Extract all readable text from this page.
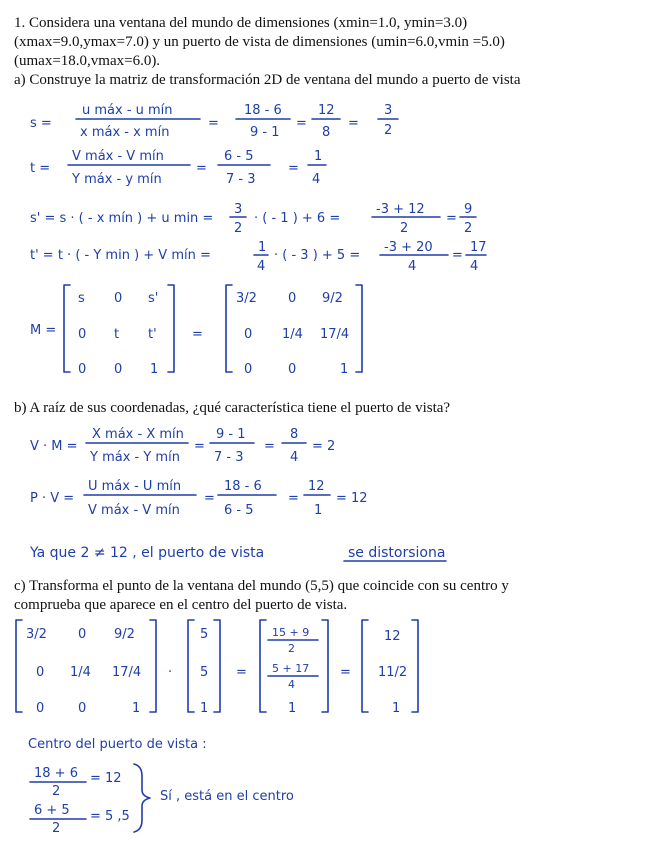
1. Considera una ventana del mundo de dimensiones (xmin=1.0, ymin=3.0)
(xmax=9.0,ymax=7.0) y un puerto de vista de dimensiones (umin=6.0,vmin =5.0)
(umax=18.0,vmax=6.0).
a) Construye la matriz de transformación 2D de ventana del mundo a puerto de vista
b) A raíz de sus coordenadas, ¿qué característica tiene el puerto de vista?
c) Transforma el punto de la ventana del mundo (5,5) que coincide con su centro y
comprueba que aparece en el centro del puerto de vista.
s =
u máx - u mín
x máx - x mín
=
18 - 6
9 - 1
=
12
8
=
3
2
t =
V máx - V mín
Y máx - y mín
=
6 - 5
7 - 3
=
1
4
s' = s · ( - x mín ) + u min =
3
2
· ( - 1 ) + 6 =
-3 + 12
2
=
9
2
t' = t · ( - Y min ) + V mín =
1
4
· ( - 3 ) + 5 =
-3 + 20
4
=
17
4
M =
s 0 s'
0 t t'
0 0 1
=
3/2 0 9/2
0 1/4 17/4
0	0	1
V · M =
X máx - X mín
Y máx - Y mín
=
9 - 1
7 - 3
=
8
4
= 2
P · V =
U máx - U mín
V máx - V mín
=
18 - 6
6 - 5
=
12
1
= 12
Ya que 2 ≠ 12 , el puerto de vista	se distorsiona
3/2 0 9/2
0 1/4 17/4
0	0	1
·
5
5
1
=
15 + 9
2
5 + 17
4
1
=
12
11/2
1
Centro del puerto de vista :
18 + 6
2
= 12
6 + 5
2
= 5 ,5
Sí , está en el centro
